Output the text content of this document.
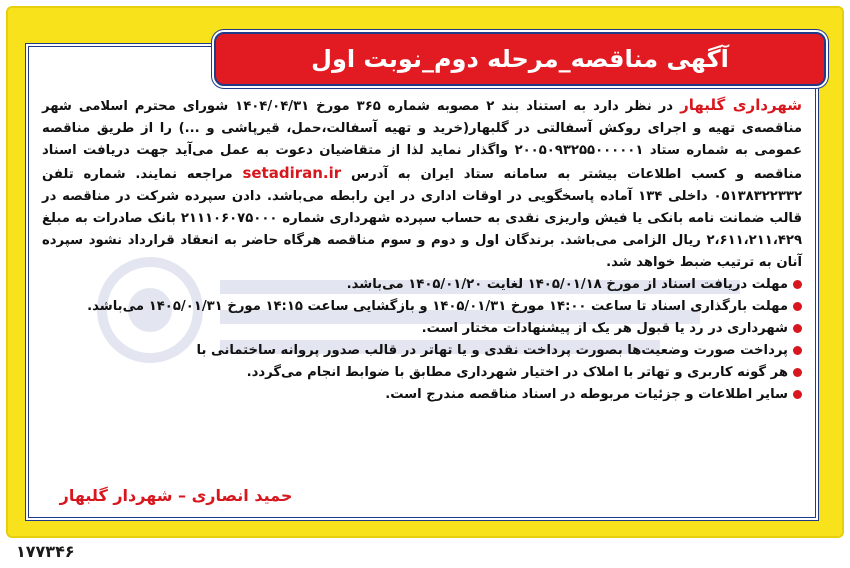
آگهی مناقصه_مرحله دوم_نوبت اول

شهرداری گلبهار در نظر دارد به استناد بند ۲ مصوبه شماره ۳۶۵ مورخ ۱۴۰۴/۰۴/۳۱ شورای محترم اسلامی شهر مناقصه‌ی تهیه و اجرای روکش آسفالتی در گلبهار(خرید و تهیه آسفالت،حمل، قیرپاشی و ...) را از طریق مناقصه عمومی به شماره ستاد ۲۰۰۵۰۹۳۲۵۵۰۰۰۰۰۱ واگذار نماید لذا از متقاضیان دعوت به عمل می‌آید جهت دریافت اسناد مناقصه و کسب اطلاعات بیشتر به سامانه ستاد ایران به آدرس setadiran.ir مراجعه نمایند. شماره تلفن ۰۵۱۳۸۳۲۲۳۳۲ داخلی ۱۳۴ آماده پاسخگویی در اوقات اداری در این رابطه می‌باشد. دادن سپرده شرکت در مناقصه در قالب ضمانت نامه بانکی یا فیش واریزی نقدی به حساب سپرده شهرداری شماره ۲۱۱۱۰۶۰۷۵۰۰۰ بانک صادرات به مبلغ ۲،۶۱۱،۲۱۱،۴۲۹ ریال الزامی می‌باشد. برندگان اول و دوم و سوم مناقصه هرگاه حاضر به انعقاد قرارداد نشود سپرده آنان به ترتیب ضبط خواهد شد.

مهلت دریافت اسناد از مورخ ۱۴۰۵/۰۱/۱۸ لغایت ۱۴۰۵/۰۱/۲۰ می‌باشد.
مهلت بارگذاری اسناد تا ساعت ۱۴:۰۰ مورخ ۱۴۰۵/۰۱/۳۱ و بازگشایی ساعت ۱۴:۱۵ مورخ ۱۴۰۵/۰۱/۳۱ می‌باشد.
شهرداری در رد یا قبول هر یک از پیشنهادات مختار است.
پرداخت صورت وضعیت‌ها بصورت پرداخت نقدی و یا تهاتر در قالب صدور پروانه ساختمانی با
هر گونه کاربری و تهاتر با املاک در اختیار شهرداری مطابق با ضوابط انجام می‌گردد.
سایر اطلاعات و جزئیات مربوطه در اسناد مناقصه مندرج است.
حمید انصاری – شهردار گلبهار
۱۷۷۳۴۶
